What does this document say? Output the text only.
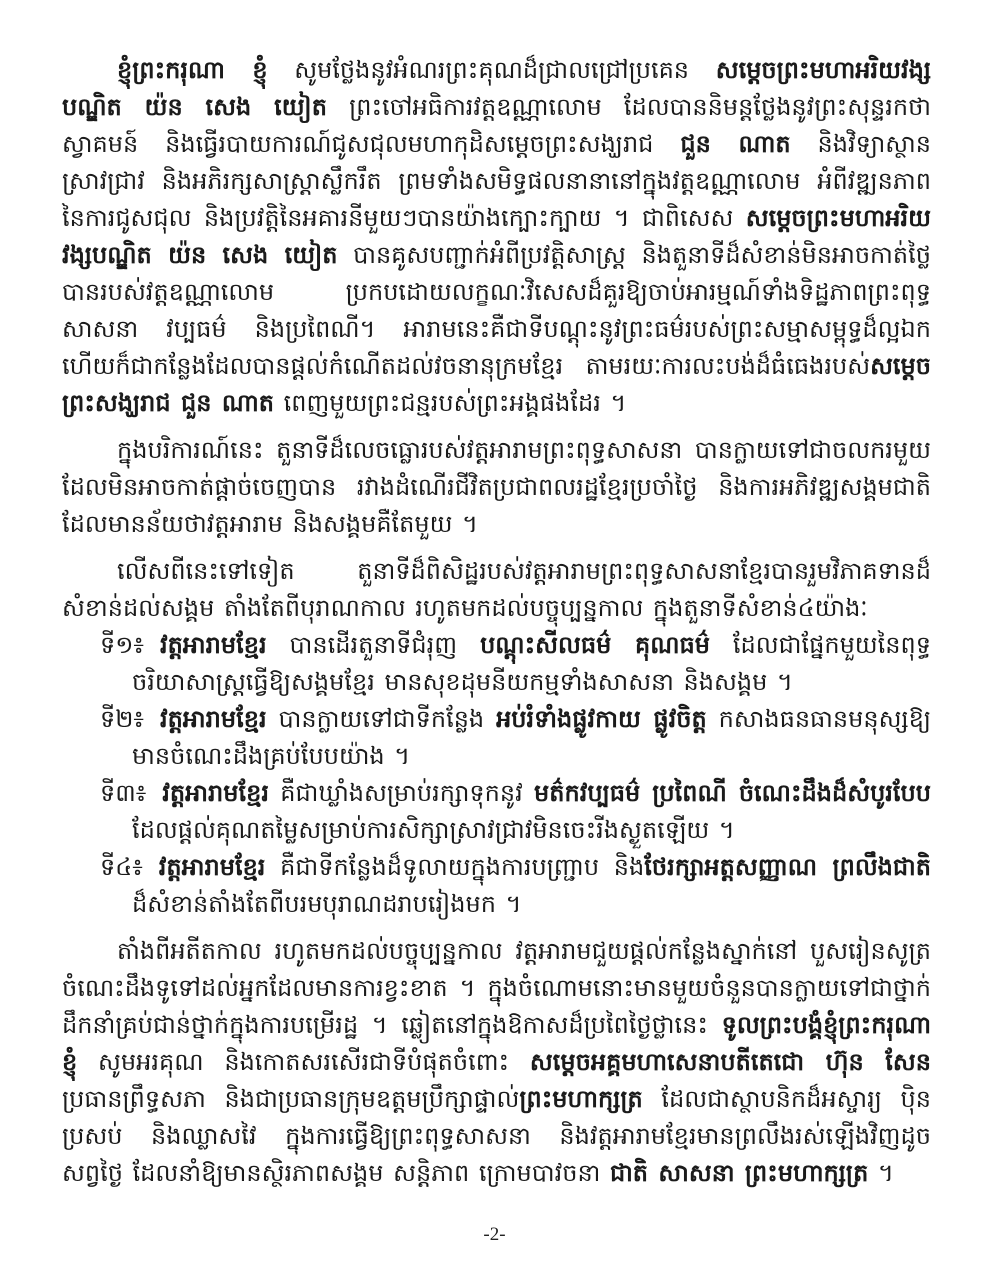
ខ្ញុំព្រះករុណា ខ្ញុំ សូមថ្លែងនូវអំណរព្រះគុណដ៏ជ្រាលជ្រៅប្រគេន សម្តេចព្រះមហាអរិយវង្ស បណ្ឌិត យ៉ន សេង យៀត ព្រះចៅអធិការវត្តឧណ្ណាលោម ដែលបាននិមន្តថ្លែងនូវព្រះសុន្ទរកថាស្វាគមន៍ និងធ្វើរបាយការណ៍ជូសជុលមហាកុដិសម្តេចព្រះសង្ឃរាជ ជួន ណាត និងវិទ្យាស្ថានស្រាវជ្រាវ និងអភិរក្សសាស្ត្រាស្លឹករឹត ព្រមទាំងសមិទ្ធផលនានានៅក្នុងវត្តឧណ្ណាលោម អំពីវឌ្ឍនភាពនៃការជូសជុល និងប្រវត្តិនៃអគារនីមួយៗបានយ៉ាងក្បោះក្បាយ ។ ជាពិសេស សម្តេចព្រះមហាអរិយវង្សបណ្ឌិត យ៉ន សេង យៀត បានគូសបញ្ជាក់អំពីប្រវត្តិសាស្ត្រ និងតួនាទីដ៏សំខាន់មិនអាចកាត់ថ្លៃបានរបស់វត្តឧណ្ណាលោម ប្រកបដោយលក្ខណៈវិសេសដ៏គួរឱ្យចាប់អារម្មណ៍ទាំងទិដ្ឋភាពព្រះពុទ្ធសាសនា វប្បធម៌ និងប្រពៃណី។ អារាមនេះគឺជាទីបណ្តុះនូវព្រះធម៌របស់ព្រះសម្មាសម្ពុទ្ធដ៏ល្អឯក ហើយក៏ជាកន្លែងដែលបានផ្តល់កំណើតដល់វចនានុក្រមខ្មែរ តាមរយៈការលះបង់ដ៏ធំធេងរបស់សម្តេចព្រះសង្ឃរាជ ជួន ណាត ពេញមួយព្រះជន្មរបស់ព្រះអង្គផងដែរ ។

ក្នុងបរិការណ៍នេះ តួនាទីដ៏លេចធ្លោរបស់វត្តអារាមព្រះពុទ្ធសាសនា បានក្លាយទៅជាចលករមួយដែលមិនអាចកាត់ផ្តាច់ចេញបាន រវាងដំណើរជីវិតប្រជាពលរដ្ឋខ្មែរប្រចាំថ្ងៃ និងការអភិវឌ្ឍសង្គមជាតិ ដែលមានន័យថាវត្តអារាម និងសង្គមគឺតែមួយ ។

លើសពីនេះទៅទៀត តួនាទីដ៏ពិសិដ្ឋរបស់វត្តអារាមព្រះពុទ្ធសាសនាខ្មែរបានរួមវិភាគទានដ៏សំខាន់ដល់សង្គម តាំងតែពីបុរាណកាល រហូតមកដល់បច្ចុប្បន្នកាល ក្នុងតួនាទីសំខាន់៤យ៉ាងៈ

ទី១៖ វត្តអារាមខ្មែរ បានដើរតួនាទីជំរុញ បណ្តុះសីលធម៌ គុណធម៌ ដែលជាផ្នែកមួយនៃពុទ្ធចរិយាសាស្ត្រធ្វើឱ្យសង្គមខ្មែរ មានសុខដុមនីយកម្មទាំងសាសនា និងសង្គម ។
ទី២៖ វត្តអារាមខ្មែរ បានក្លាយទៅជាទីកន្លែង អប់រំទាំងផ្លូវកាយ ផ្លូវចិត្ត កសាងធនធានមនុស្សឱ្យមានចំណេះដឹងគ្រប់បែបយ៉ាង ។
ទី៣៖ វត្តអារាមខ្មែរ គឺជាឃ្លាំងសម្រាប់រក្សាទុកនូវ មត៌កវប្បធម៌ ប្រពៃណី ចំណេះដឹងដ៏សំបូរបែប ដែលផ្តល់គុណតម្លៃសម្រាប់ការសិក្សាស្រាវជ្រាវមិនចេះរីងស្ងួតឡើយ ។
ទី៤៖ វត្តអារាមខ្មែរ គឺជាទីកន្លែងដ៏ទូលាយក្នុងការបញ្ជ្រាប និងថែរក្សាអត្តសញ្ញាណ ព្រលឹងជាតិ ដ៏សំខាន់តាំងតែពីបរមបុរាណដរាបរៀងមក ។

តាំងពីអតីតកាល រហូតមកដល់បច្ចុប្បន្នកាល វត្តអារាមជួយផ្តល់កន្លែងស្នាក់នៅ បួសរៀនសូត្រចំណេះដឹងទូទៅដល់អ្នកដែលមានការខ្វះខាត ។ ក្នុងចំណោមនោះមានមួយចំនួនបានក្លាយទៅជាថ្នាក់ដឹកនាំគ្រប់ជាន់ថ្នាក់ក្នុងការបម្រើរដ្ឋ ។ ឆ្លៀតនៅក្នុងឱកាសដ៏ប្រពៃថ្ងៃថ្លានេះ ទូលព្រះបង្គំខ្ញុំព្រះករុណា ខ្ញុំ សូមអរគុណ និងកោតសរសើរជាទីបំផុតចំពោះ សម្តេចអគ្គមហាសេនាបតីតេជោ ហ៊ុន សែន ប្រធានព្រឹទ្ធសភា និងជាប្រធានក្រុមឧត្តមប្រឹក្សាផ្ទាល់ព្រះមហាក្សត្រ ដែលជាស្ថាបនិកដ៏អស្ចារ្យ ប៉ិនប្រសប់ និងឈ្លាសវៃ ក្នុងការធ្វើឱ្យព្រះពុទ្ធសាសនា និងវត្តអារាមខ្មែរមានព្រលឹងរស់ឡើងវិញដូចសព្វថ្ងៃ ដែលនាំឱ្យមានស្ថិរភាពសង្គម សន្តិភាព ក្រោមបាវចនា ជាតិ សាសនា ព្រះមហាក្សត្រ ។

-2-
